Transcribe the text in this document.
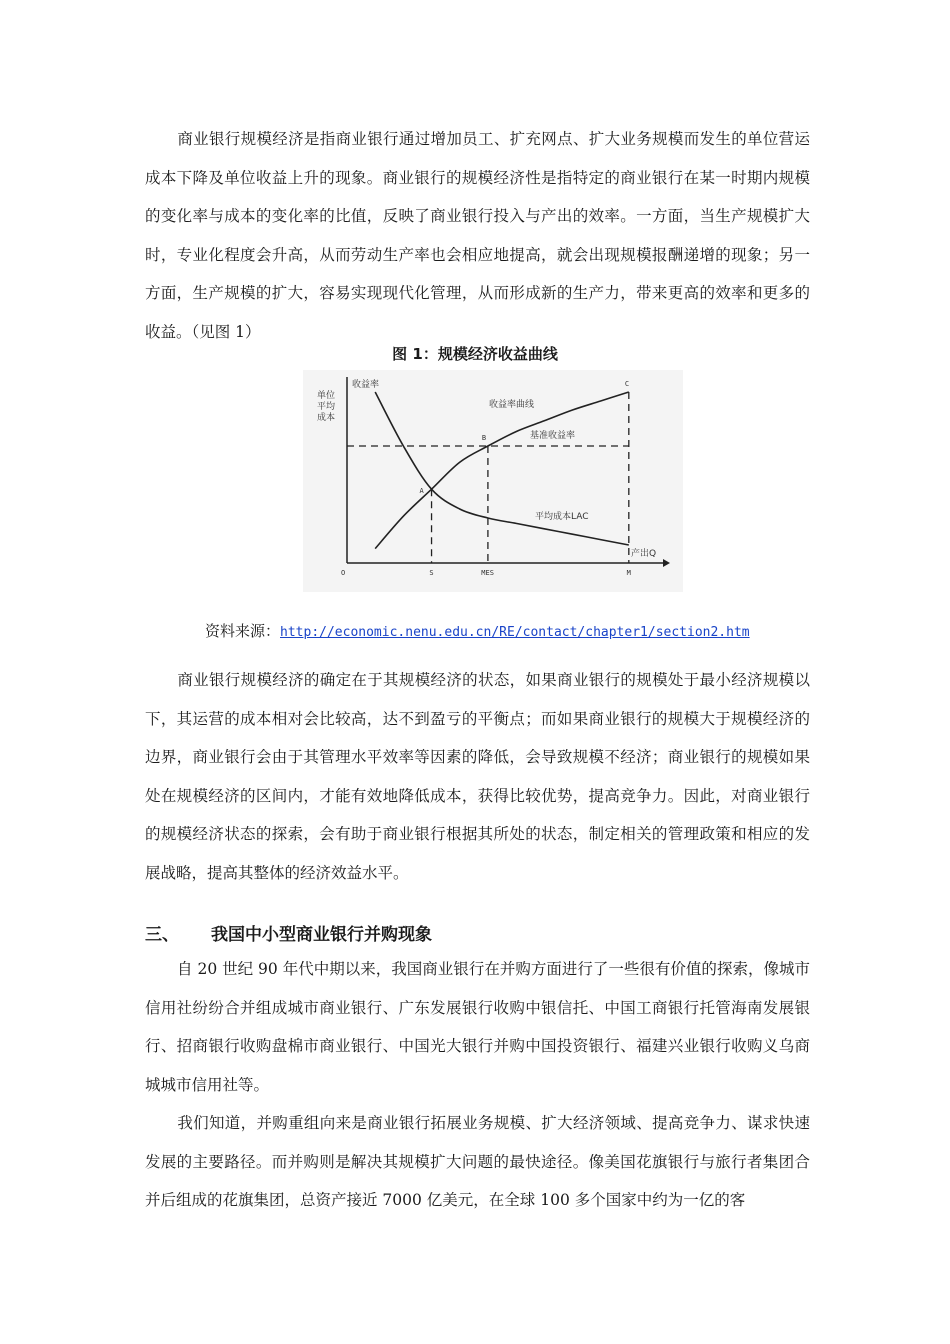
商业银行规模经济是指商业银行通过增加员工、扩充网点、扩大业务规模而发生的单位营运成本下降及单位收益上升的现象。商业银行的规模经济性是指特定的商业银行在某一时期内规模的变化率与成本的变化率的比值，反映了商业银行投入与产出的效率。一方面，当生产规模扩大时，专业化程度会升高，从而劳动生产率也会相应地提高，就会出现规模报酬递增的现象；另一方面，生产规模的扩大，容易实现现代化管理，从而形成新的生产力，带来更高的效率和更多的收益。（见图 1）

图 1：规模经济收益曲线

收益率
单位
平均
成本
产出Q
收益率曲线
基准收益率
平均成本LAC
A
B
C
O	S	MES	M

资料来源：http://economic.nenu.edu.cn/RE/contact/chapter1/section2.htm

商业银行规模经济的确定在于其规模经济的状态，如果商业银行的规模处于最小经济规模以下，其运营的成本相对会比较高，达不到盈亏的平衡点；而如果商业银行的规模大于规模经济的边界，商业银行会由于其管理水平效率等因素的降低，会导致规模不经济；商业银行的规模如果处在规模经济的区间内，才能有效地降低成本，获得比较优势，提高竞争力。因此，对商业银行的规模经济状态的探索，会有助于商业银行根据其所处的状态，制定相关的管理政策和相应的发展战略，提高其整体的经济效益水平。

三、 我国中小型商业银行并购现象

自 20 世纪 90 年代中期以来，我国商业银行在并购方面进行了一些很有价值的探索，像城市信用社纷纷合并组成城市商业银行、广东发展银行收购中银信托、中国工商银行托管海南发展银行、招商银行收购盘棉市商业银行、中国光大银行并购中国投资银行、福建兴业银行收购义乌商城城市信用社等。

我们知道，并购重组向来是商业银行拓展业务规模、扩大经济领域、提高竞争力、谋求快速发展的主要路径。而并购则是解决其规模扩大问题的最快途径。像美国花旗银行与旅行者集团合并后组成的花旗集团，总资产接近 7000 亿美元，在全球 100 多个国家中约为一亿的客
